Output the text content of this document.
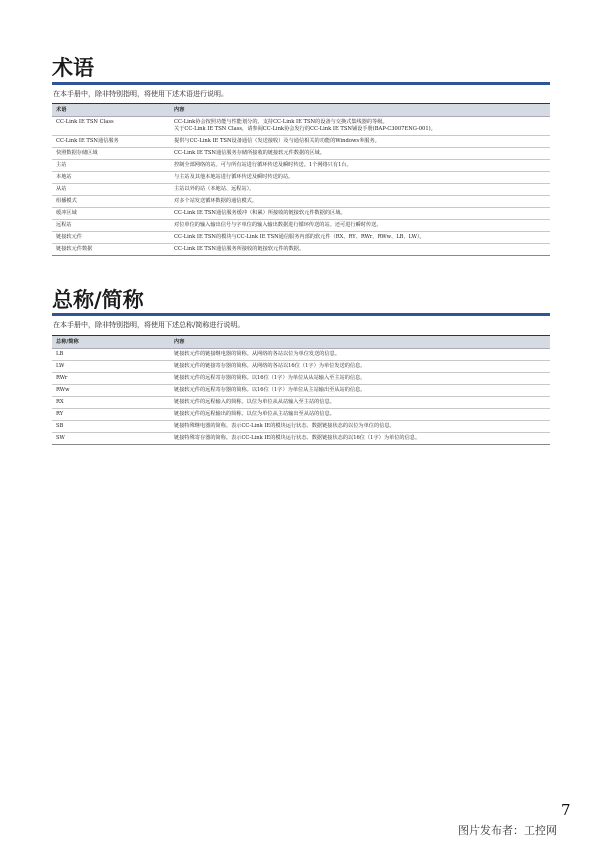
术语
在本手册中，除非特别指明，将使用下述术语进行说明。
术语	内容
CC-Link IE TSN Class	CC-Link协会按照功能与性能划分的、支持CC-Link IE TSN的设备与交换式集线器的等级。
关于CC-Link IE TSN Class，请参阅CC-Link协会发行的CC-Link IE TSN铺设手册(BAP-C3007ENG-001)。

CC-Link IE TSN通信服务	提供与CC-Link IE TSN设备通信（发送接收）及与通信相关的功能的Windows®服务。
快照数据存储区域	CC-Link IE TSN通信服务存储所接收的链接软元件数据的区域。
主站	控制全部网络的站。可与所有站进行循环传送及瞬时传送。1个网络只有1台。
本地站	与主站及其他本地站进行循环传送及瞬时传送的站。
从站	主站以外的站（本地站、远程站）。
组播模式	对多个站发送循环数据的通信模式。
缓冲区域	CC-Link IE TSN通信服务缓冲（积累）所接收的链接软元件数据的区域。
远程站	对位单位的输入输出信号与字单位的输入输出数据进行循环传送的站。还可进行瞬时传送。
链接软元件	CC-Link IE TSN的模块与CC-Link IE TSN通信服务内部的软元件（RX、RY、RWr、RWw、LB、LW）。
链接软元件数据	CC-Link IE TSN通信服务所接收的链接软元件的数据。
总称/简称
在本手册中，除非特别指明，将使用下述总称/简称进行说明。
总称/简称	内容
LB	链接软元件的链接继电器的简称。从网络的各站以位为单位发送的信息。
LW	链接软元件的链接寄存器的简称。从网络的各站以16位（1字）为单位发送的信息。
RWr	链接软元件的远程寄存器的简称。以16位（1字）为单位从从站输入至主站的信息。
RWw	链接软元件的远程寄存器的简称。以16位（1字）为单位从主站输出至从站的信息。
RX	链接软元件的远程输入的简称。以位为单位从从站输入至主站的信息。
RY	链接软元件的远程输出的简称。以位为单位从主站输出至从站的信息。
SB	链接特殊继电器的简称。表示CC-Link IE的模块运行状态、数据链接状态的以位为单位的信息。
SW	链接特殊寄存器的简称。表示CC-Link IE的模块运行状态、数据链接状态的以16位（1字）为单位的信息。
7
图片发布者：工控网
